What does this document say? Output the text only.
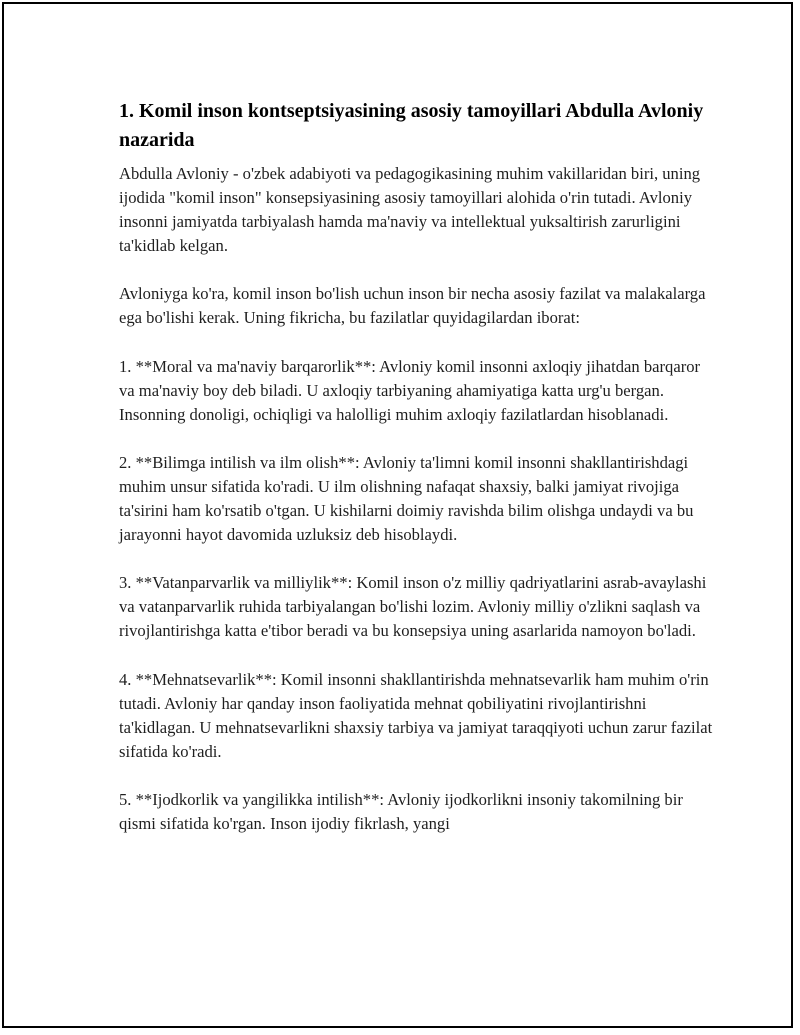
1. Komil inson kontseptsiyasining asosiy tamoyillari Abdulla Avloniy nazarida

Abdulla Avloniy - o'zbek adabiyoti va pedagogikasining muhim vakillaridan biri, uning ijodida "komil inson" konsepsiyasining asosiy tamoyillari alohida o'rin tutadi. Avloniy insonni jamiyatda tarbiyalash hamda ma'naviy va intellektual yuksaltirish zarurligini ta'kidlab kelgan.

Avloniyga ko'ra, komil inson bo'lish uchun inson bir necha asosiy fazilat va malakalarga ega bo'lishi kerak. Uning fikricha, bu fazilatlar quyidagilardan iborat:

1. **Moral va ma'naviy barqarorlik**: Avloniy komil insonni axloqiy jihatdan barqaror va ma'naviy boy deb biladi. U axloqiy tarbiyaning ahamiyatiga katta urg'u bergan. Insonning donoligi, ochiqligi va halolligi muhim axloqiy fazilatlardan hisoblanadi.

2. **Bilimga intilish va ilm olish**: Avloniy ta'limni komil insonni shakllantirishdagi muhim unsur sifatida ko'radi. U ilm olishning nafaqat shaxsiy, balki jamiyat rivojiga ta'sirini ham ko'rsatib o'tgan. U kishilarni doimiy ravishda bilim olishga undaydi va bu jarayonni hayot davomida uzluksiz deb hisoblaydi.

3. **Vatanparvarlik va milliylik**: Komil inson o'z milliy qadriyatlarini asrab-avaylashi va vatanparvarlik ruhida tarbiyalangan bo'lishi lozim. Avloniy milliy o'zlikni saqlash va rivojlantirishga katta e'tibor beradi va bu konsepsiya uning asarlarida namoyon bo'ladi.

4. **Mehnatsevarlik**: Komil insonni shakllantirishda mehnatsevarlik ham muhim o'rin tutadi. Avloniy har qanday inson faoliyatida mehnat qobiliyatini rivojlantirishni ta'kidlagan. U mehnatsevarlikni shaxsiy tarbiya va jamiyat taraqqiyoti uchun zarur fazilat sifatida ko'radi.

5. **Ijodkorlik va yangilikka intilish**: Avloniy ijodkorlikni insoniy takomilning bir qismi sifatida ko'rgan. Inson ijodiy fikrlash, yangi
